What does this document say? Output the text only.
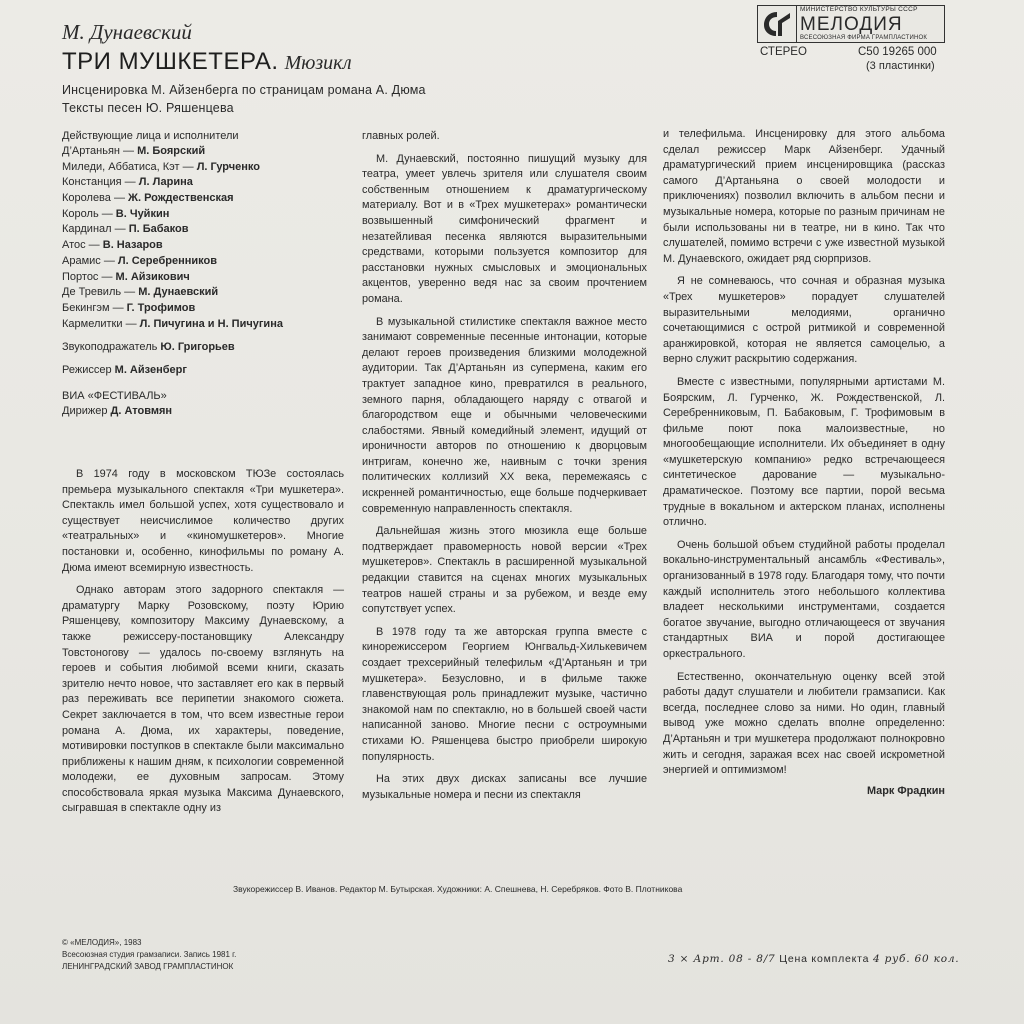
М. Дунаевский
ТРИ МУШКЕТЕРА. Мюзикл
Инсценировка М. Айзенберга по страницам романа А. Дюма
Тексты песен Ю. Ряшенцева
МИНИСТЕРСТВО КУЛЬТУРЫ СССР
МЕЛОДИЯ
ВСЕСОЮЗНАЯ ФИРМА ГРАМПЛАСТИНОК
СТЕРЕО	С50 19265 000
(3 пластинки)
Действующие лица и исполнители
Д’Артаньян — М. Боярский
Миледи, Аббатиса, Кэт — Л. Гурченко
Констанция — Л. Ларина
Королева — Ж. Рождественская
Король — В. Чуйкин
Кардинал — П. Бабаков
Атос — В. Назаров
Арамис — Л. Серебренников
Портос — М. Айзикович
Де Тревиль — М. Дунаевский
Бекингэм — Г. Трофимов
Кармелитки — Л. Пичугина и Н. Пичугина
Звукоподражатель Ю. Григорьев
Режиссер М. Айзенберг
ВИА «ФЕСТИВАЛЬ»
Дирижер Д. Атовмян

В 1974 году в московском ТЮЗе состоялась премьера музыкального спектакля «Три мушкетера». Спектакль имел большой успех, хотя существовало и существует неисчислимое количество других «театральных» и «киномушкетеров». Многие постановки и, особенно, кинофильмы по роману А. Дюма имеют всемирную известность.

Однако авторам этого задорного спектакля — драматургу Марку Розовскому, поэту Юрию Ряшенцеву, композитору Максиму Дунаевскому, а также режиссеру-постановщику Александру Товстоногову — удалось по-своему взглянуть на героев и события любимой всеми книги, сказать зрителю нечто новое, что заставляет его как в первый раз переживать все перипетии знакомого сюжета. Секрет заключается в том, что всем известные герои романа А. Дюма, их характеры, поведение, мотивировки поступков в спектакле были максимально приближены к нашим дням, к психологии современной молодежи, ее духовным запросам. Этому способствовала яркая музыка Максима Дунаевского, сыгравшая в спектакле одну из

главных ролей.

М. Дунаевский, постоянно пишущий музыку для театра, умеет увлечь зрителя или слушателя своим собственным отношением к драматургическому материалу. Вот и в «Трех мушкетерах» романтически возвышенный симфонический фрагмент и незатейливая песенка являются выразительными средствами, которыми пользуется композитор для расстановки нужных смысловых и эмоциональных акцентов, уверенно ведя нас за своим прочтением романа.

В музыкальной стилистике спектакля важное место занимают современные песенные интонации, которые делают героев произведения близкими молодежной аудитории. Так Д’Артаньян из супермена, каким его трактует западное кино, превратился в реального, земного парня, обладающего наряду с отвагой и благородством еще и обычными человеческими слабостями. Явный комедийный элемент, идущий от ироничности авторов по отношению к дворцовым интригам, конечно же, наивным с точки зрения политических коллизий XX века, перемежаясь с искренней романтичностью, еще больше подчеркивает современную направленность спектакля.

Дальнейшая жизнь этого мюзикла еще больше подтверждает правомерность новой версии «Трех мушкетеров». Спектакль в расширенной музыкальной редакции ставится на сценах многих музыкальных театров нашей страны и за рубежом, и везде ему сопутствует успех.

В 1978 году та же авторская группа вместе с кинорежиссером Георгием Юнгвальд-Хилькевичем создает трехсерийный телефильм «Д’Артаньян и три мушкетера». Безусловно, и в фильме также главенствующая роль принадлежит музыке, частично знакомой нам по спектаклю, но в большей своей части написанной заново. Многие песни с остроумными стихами Ю. Ряшенцева быстро приобрели широкую популярность.

На этих двух дисках записаны все лучшие музыкальные номера и песни из спектакля

и телефильма. Инсценировку для этого альбома сделал режиссер Марк Айзенберг. Удачный драматургический прием инсценировщика (рассказ самого Д’Артаньяна о своей молодости и приключениях) позволил включить в альбом песни и музыкальные номера, которые по разным причинам не были использованы ни в театре, ни в кино. Так что слушателей, помимо встречи с уже известной музыкой М. Дунаевского, ожидает ряд сюрпризов.

Я не сомневаюсь, что сочная и образная музыка «Трех мушкетеров» порадует слушателей выразительными мелодиями, органично сочетающимися с острой ритмикой и современной аранжировкой, которая не является самоцелью, а верно служит раскрытию содержания.

Вместе с известными, популярными артистами М. Боярским, Л. Гурченко, Ж. Рождественской, Л. Серебренниковым, П. Бабаковым, Г. Трофимовым в фильме поют пока малоизвестные, но многообещающие исполнители. Их объединяет в одну «мушкетерскую компанию» редко встречающееся синтетическое дарование — музыкально-драматическое. Поэтому все партии, порой весьма трудные в вокальном и актерском планах, исполнены отлично.

Очень большой объем студийной работы проделал вокально-инструментальный ансамбль «Фестиваль», организованный в 1978 году. Благодаря тому, что почти каждый исполнитель этого небольшого коллектива владеет несколькими инструментами, создается богатое звучание, выгодно отличающееся от звучания стандартных ВИА и порой достигающее оркестрального.

Естественно, окончательную оценку всей этой работы дадут слушатели и любители грамзаписи. Как всегда, последнее слово за ними. Но один, главный вывод уже можно сделать вполне определенно: Д’Артаньян и три мушкетера продолжают полнокровно жить и сегодня, заражая всех нас своей искрометной энергией и оптимизмом!

Марк Фрадкин
Звукорежиссер В. Иванов. Редактор М. Бутырская. Художники: А. Спешнева, Н. Серебряков. Фото В. Плотникова
© «МЕЛОДИЯ», 1983
Всесоюзная студия грамзаписи. Запись 1981 г.
ЛЕНИНГРАДСКИЙ ЗАВОД ГРАМПЛАСТИНОК
3 × Арт. 08 - 8/7 Цена комплекта 4 руб. 60 кол.
